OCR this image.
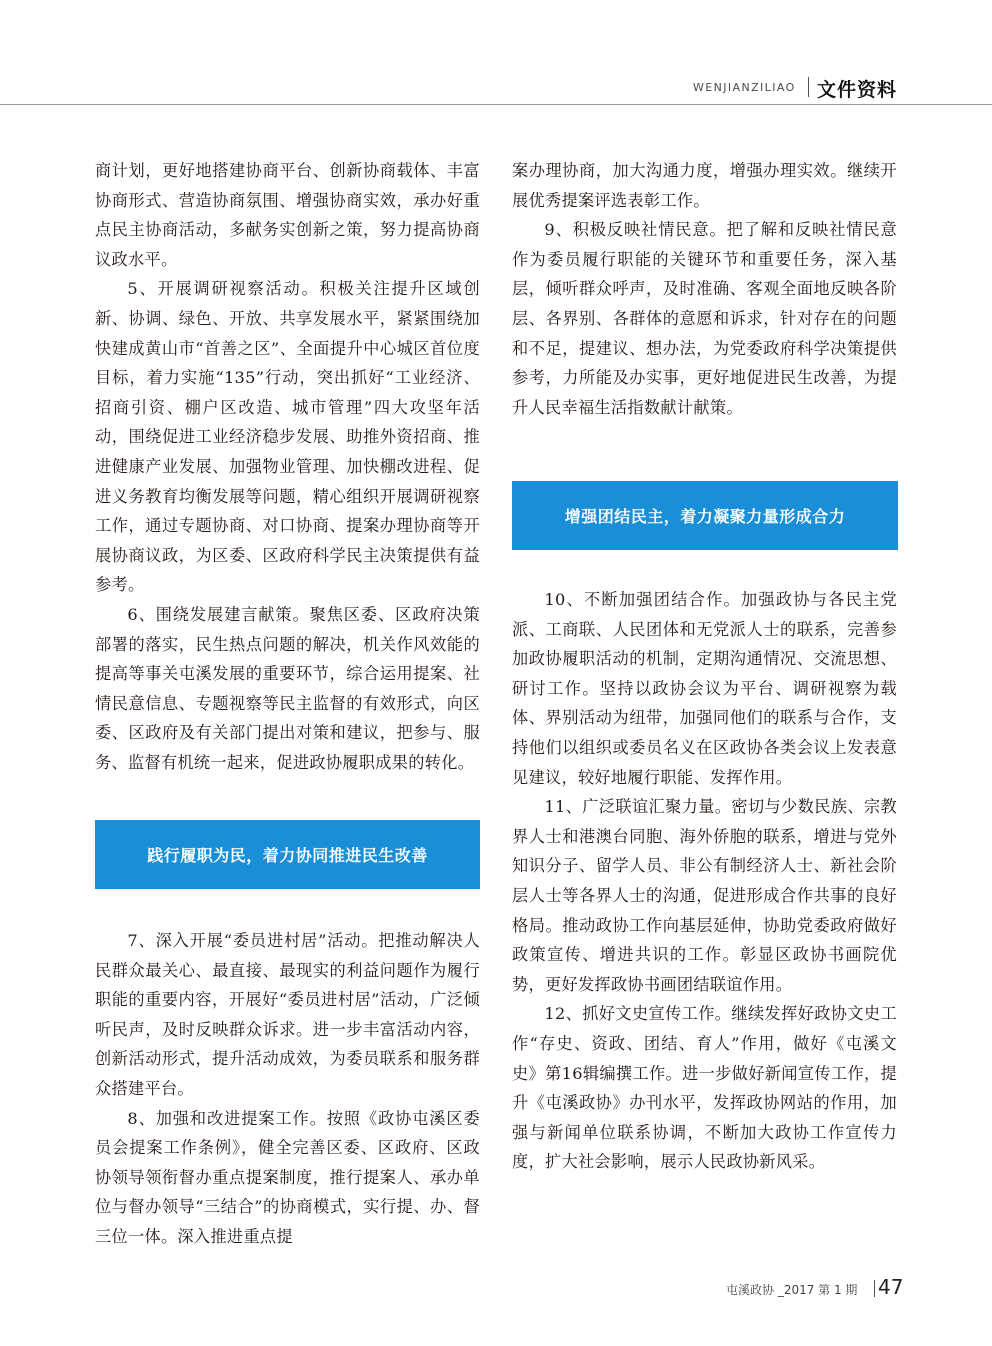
WENJIANZILIAO 文件资料

商计划，更好地搭建协商平台、创新协商载体、丰富协商形式、营造协商氛围、增强协商实效，承办好重点民主协商活动，多献务实创新之策，努力提高协商议政水平。

5、开展调研视察活动。积极关注提升区域创新、协调、绿色、开放、共享发展水平，紧紧围绕加快建成黄山市“首善之区”、全面提升中心城区首位度目标，着力实施“135”行动，突出抓好“工业经济、招商引资、棚户区改造、城市管理”四大攻坚年活动，围绕促进工业经济稳步发展、助推外资招商、推进健康产业发展、加强物业管理、加快棚改进程、促进义务教育均衡发展等问题，精心组织开展调研视察工作，通过专题协商、对口协商、提案办理协商等开展协商议政，为区委、区政府科学民主决策提供有益参考。

6、围绕发展建言献策。聚焦区委、区政府决策部署的落实，民生热点问题的解决，机关作风效能的提高等事关屯溪发展的重要环节，综合运用提案、社情民意信息、专题视察等民主监督的有效形式，向区委、区政府及有关部门提出对策和建议，把参与、服务、监督有机统一起来，促进政协履职成果的转化。

践行履职为民，着力协同推进民生改善

7、深入开展“委员进村居”活动。把推动解决人民群众最关心、最直接、最现实的利益问题作为履行职能的重要内容，开展好“委员进村居”活动，广泛倾听民声，及时反映群众诉求。进一步丰富活动内容，创新活动形式，提升活动成效，为委员联系和服务群众搭建平台。

8、加强和改进提案工作。按照《政协屯溪区委员会提案工作条例》，健全完善区委、区政府、区政协领导领衔督办重点提案制度，推行提案人、承办单位与督办领导“三结合”的协商模式，实行提、办、督三位一体。深入推进重点提

案办理协商，加大沟通力度，增强办理实效。继续开展优秀提案评选表彰工作。

9、积极反映社情民意。把了解和反映社情民意作为委员履行职能的关键环节和重要任务，深入基层，倾听群众呼声，及时准确、客观全面地反映各阶层、各界别、各群体的意愿和诉求，针对存在的问题和不足，提建议、想办法，为党委政府科学决策提供参考，力所能及办实事，更好地促进民生改善，为提升人民幸福生活指数献计献策。

增强团结民主，着力凝聚力量形成合力

10、不断加强团结合作。加强政协与各民主党派、工商联、人民团体和无党派人士的联系，完善参加政协履职活动的机制，定期沟通情况、交流思想、研讨工作。坚持以政协会议为平台、调研视察为载体、界别活动为纽带，加强同他们的联系与合作，支持他们以组织或委员名义在区政协各类会议上发表意见建议，较好地履行职能、发挥作用。

11、广泛联谊汇聚力量。密切与少数民族、宗教界人士和港澳台同胞、海外侨胞的联系，增进与党外知识分子、留学人员、非公有制经济人士、新社会阶层人士等各界人士的沟通，促进形成合作共事的良好格局。推动政协工作向基层延伸，协助党委政府做好政策宣传、增进共识的工作。彰显区政协书画院优势，更好发挥政协书画团结联谊作用。

12、抓好文史宣传工作。继续发挥好政协文史工作“存史、资政、团结、育人”作用，做好《屯溪文史》第16辑编撰工作。进一步做好新闻宣传工作，提升《屯溪政协》办刊水平，发挥政协网站的作用，加强与新闻单位联系协调，不断加大政协工作宣传力度，扩大社会影响，展示人民政协新风采。

屯溪政协 _2017 第 1 期 47
